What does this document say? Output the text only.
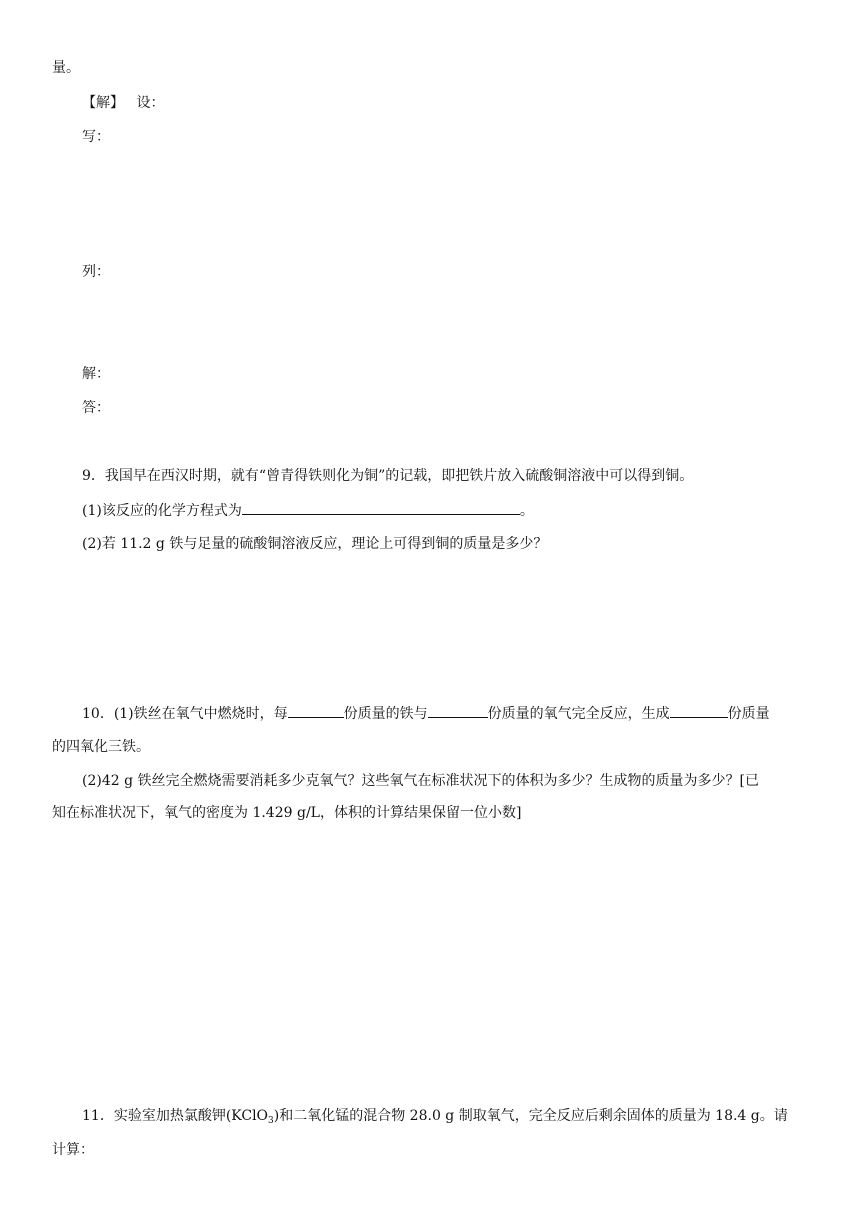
量。
【解】 设：
写：
列：
解：
答：
9．我国早在西汉时期，就有“曾青得铁则化为铜”的记载，即把铁片放入硫酸铜溶液中可以得到铜。
(1)该反应的化学方程式为	。
(2)若 11.2 g 铁与足量的硫酸铜溶液反应，理论上可得到铜的质量是多少？
10．(1)铁丝在氧气中燃烧时，每	份质量的铁与	份质量的氧气完全反应，生成	份质量
的四氧化三铁。
(2)42 g 铁丝完全燃烧需要消耗多少克氧气？这些氧气在标准状况下的体积为多少？生成物的质量为多少？[已
知在标准状况下，氧气的密度为 1.429 g/L，体积的计算结果保留一位小数]
11．实验室加热氯酸钾(KClO$_3$)和二氧化锰的混合物 28.0 g 制取氧气，完全反应后剩余固体的质量为 18.4 g。请
计算：
